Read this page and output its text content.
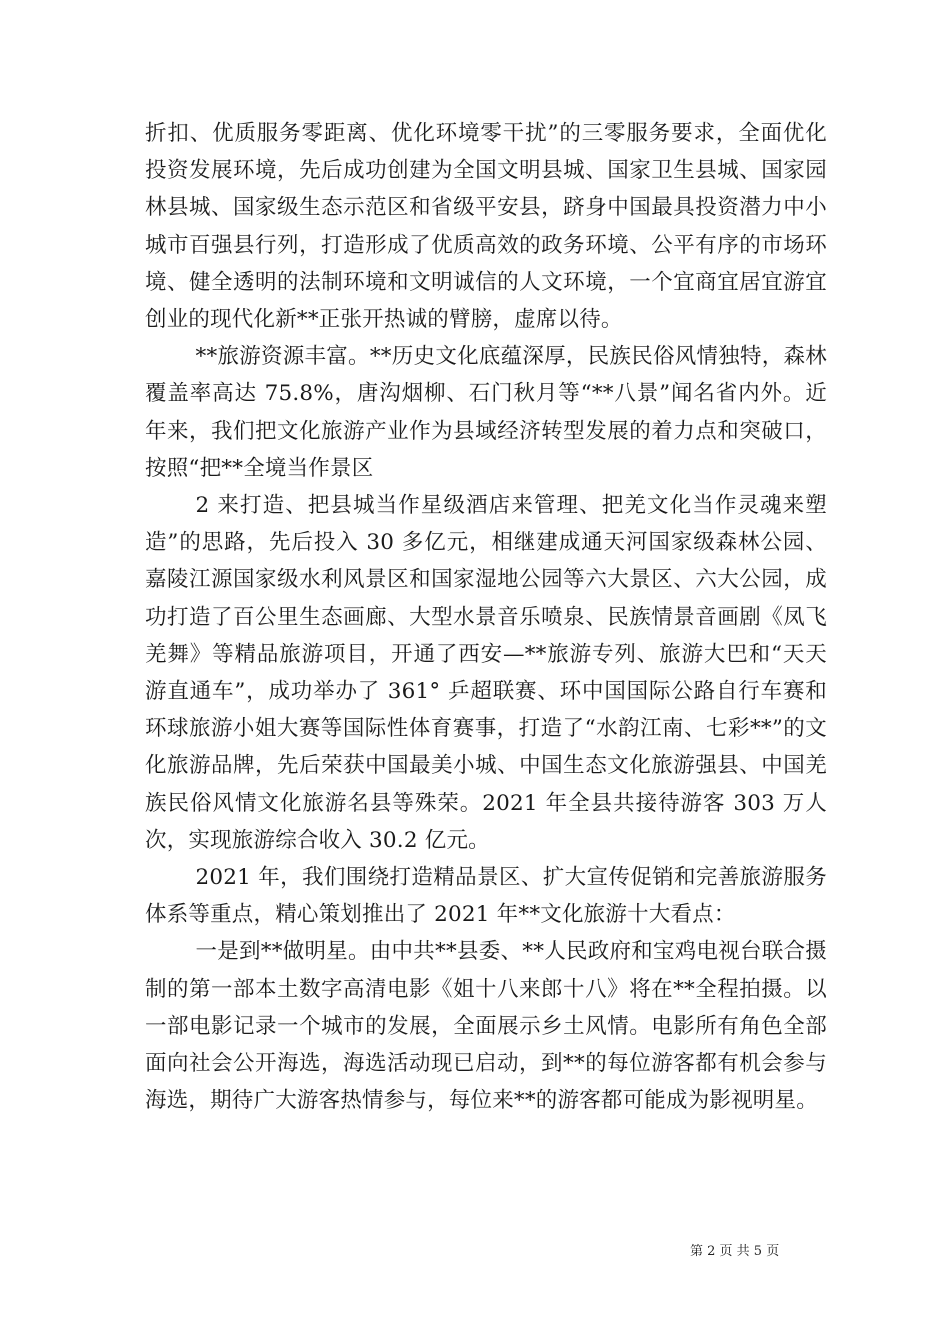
折扣、优质服务零距离、优化环境零干扰”的三零服务要求，全面优化投资发展环境，先后成功创建为全国文明县城、国家卫生县城、国家园林县城、国家级生态示范区和省级平安县，跻身中国最具投资潜力中小城市百强县行列，打造形成了优质高效的政务环境、公平有序的市场环境、健全透明的法制环境和文明诚信的人文环境，一个宜商宜居宜游宜创业的现代化新**正张开热诚的臂膀，虚席以待。

**旅游资源丰富。**历史文化底蕴深厚，民族民俗风情独特，森林覆盖率高达 75.8%，唐沟烟柳、石门秋月等“**八景”闻名省内外。近年来，我们把文化旅游产业作为县域经济转型发展的着力点和突破口，按照“把**全境当作景区

2 来打造、把县城当作星级酒店来管理、把羌文化当作灵魂来塑造”的思路，先后投入 30 多亿元，相继建成通天河国家级森林公园、嘉陵江源国家级水利风景区和国家湿地公园等六大景区、六大公园，成功打造了百公里生态画廊、大型水景音乐喷泉、民族情景音画剧《凤飞羌舞》等精品旅游项目，开通了西安—**旅游专列、旅游大巴和“天天游直通车”，成功举办了 361° 乒超联赛、环中国国际公路自行车赛和环球旅游小姐大赛等国际性体育赛事，打造了“水韵江南、七彩**”的文化旅游品牌，先后荣获中国最美小城、中国生态文化旅游强县、中国羌族民俗风情文化旅游名县等殊荣。2021 年全县共接待游客 303 万人次，实现旅游综合收入 30.2 亿元。

2021 年，我们围绕打造精品景区、扩大宣传促销和完善旅游服务体系等重点，精心策划推出了 2021 年**文化旅游十大看点：

一是到**做明星。由中共**县委、**人民政府和宝鸡电视台联合摄制的第一部本土数字高清电影《姐十八来郎十八》将在**全程拍摄。以一部电影记录一个城市的发展，全面展示乡土风情。电影所有角色全部面向社会公开海选，海选活动现已启动，到**的每位游客都有机会参与海选，期待广大游客热情参与，每位来**的游客都可能成为影视明星。

第 2 页 共 5 页
